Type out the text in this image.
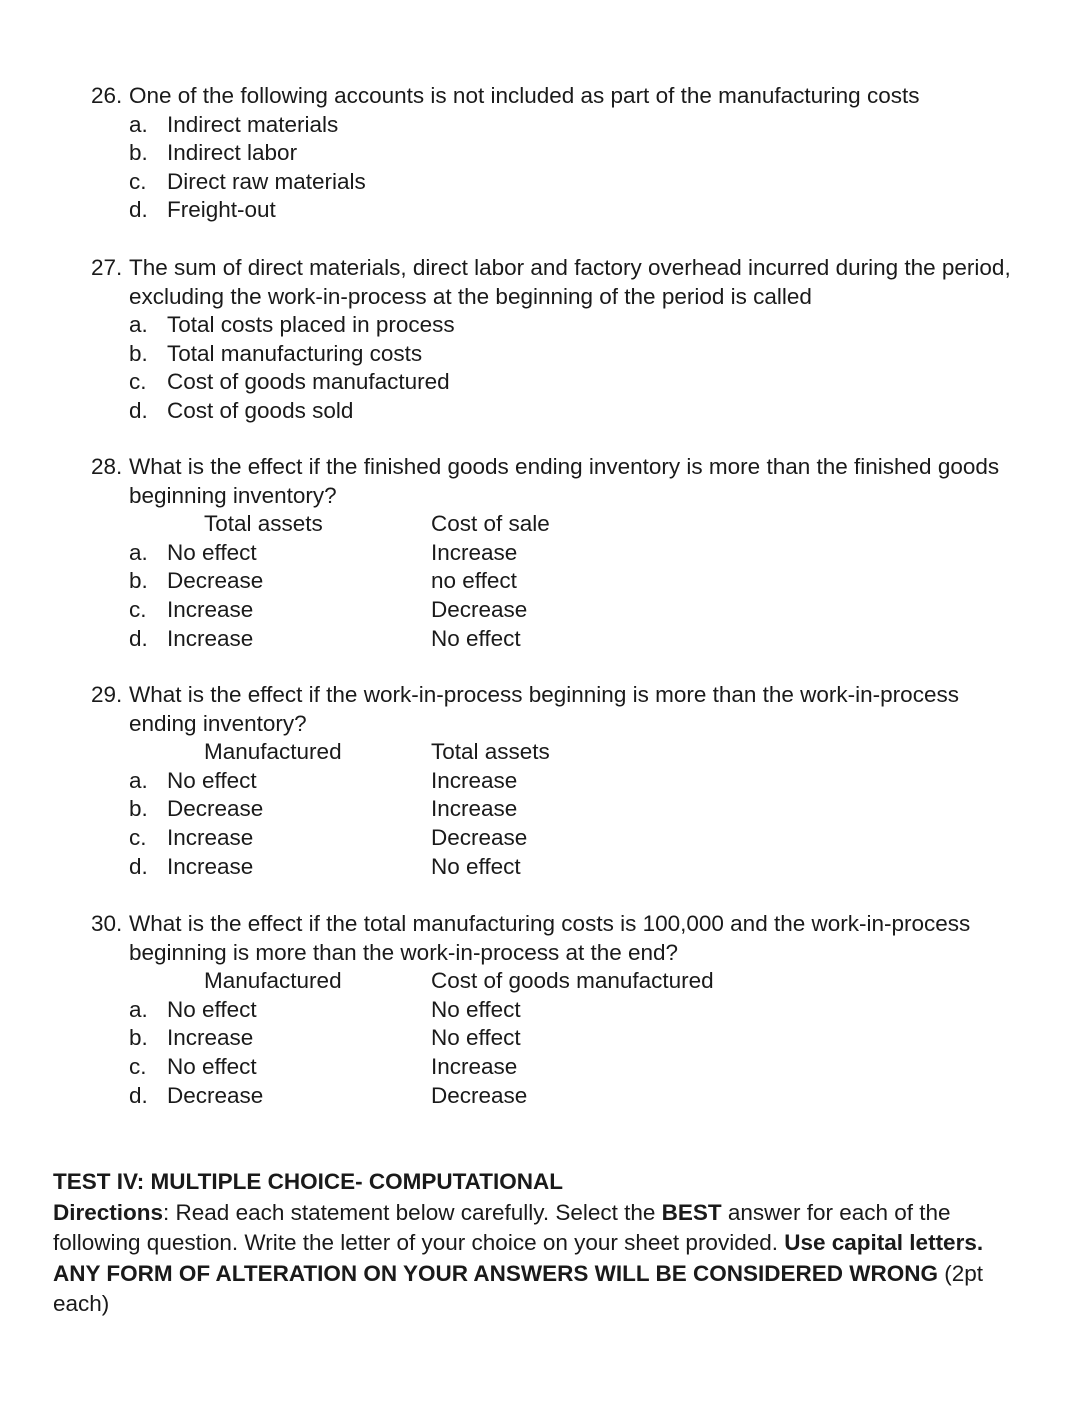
26. One of the following accounts is not included as part of the manufacturing costs
a. Indirect materials
b. Indirect labor
c. Direct raw materials
d. Freight-out
27. The sum of direct materials, direct labor and factory overhead incurred during the period,
excluding the work-in-process at the beginning of the period is called
a. Total costs placed in process
b. Total manufacturing costs
c. Cost of goods manufactured
d. Cost of goods sold
28. What is the effect if the finished goods ending inventory is more than the finished goods
beginning inventory?
Total assets	Cost of sale
a. No effect	Increase
b. Decrease	no effect
c. Increase	Decrease
d. Increase	No effect
29. What is the effect if the work-in-process beginning is more than the work-in-process
ending inventory?
Manufactured	Total assets
a. No effect	Increase
b. Decrease	Increase
c. Increase	Decrease
d. Increase	No effect
30. What is the effect if the total manufacturing costs is 100,000 and the work-in-process
beginning is more than the work-in-process at the end?
Manufactured	Cost of goods manufactured
a. No effect	No effect
b. Increase	No effect
c. No effect	Increase
d. Decrease	Decrease
TEST IV: MULTIPLE CHOICE- COMPUTATIONAL
Directions: Read each statement below carefully. Select the BEST answer for each of the following question. Write the letter of your choice on your sheet provided. Use capital letters. ANY FORM OF ALTERATION ON YOUR ANSWERS WILL BE CONSIDERED WRONG (2pt each)
